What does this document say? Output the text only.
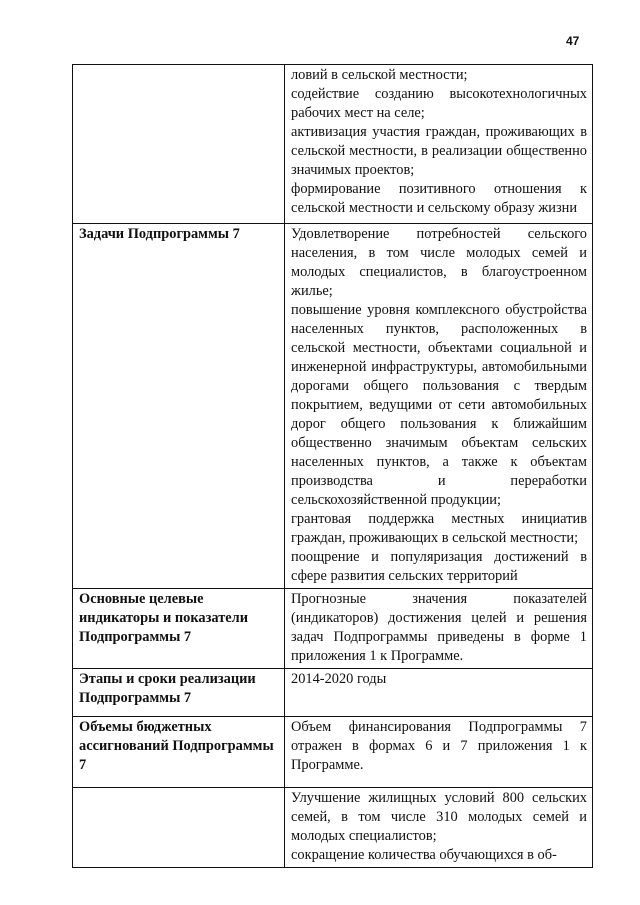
47

	ловий в сельской местности;
содействие созданию высокотехнологичных рабочих мест на селе;
активизация участия граждан, проживающих в сельской местности, в реализации общественно значимых проектов;
формирование позитивного отношения к сельской местности и сельскому образу жизни

Задачи Подпрограммы 7	Удовлетворение потребностей сельского населения, в том числе молодых семей и молодых специалистов, в благоустроенном жилье;
повышение уровня комплексного обустройства населенных пунктов, расположенных в сельской местности, объектами социальной и инженерной инфраструктуры, автомобильными дорогами общего пользования с твердым покрытием, ведущими от сети автомобильных дорог общего пользования к ближайшим общественно значимым объектам сельских населенных пунктов, а также к объектам производства и переработки сельскохозяйственной продукции;
грантовая поддержка местных инициатив граждан, проживающих в сельской местности;
поощрение и популяризация достижений в сфере развития сельских территорий

Основные целевые индикаторы и показатели Подпрограммы 7	Прогнозные значения показателей (индикаторов) достижения целей и решения задач Подпрограммы приведены в форме 1 приложения 1 к Программе.

Этапы и сроки реализации Подпрограммы 7	2014-2020 годы

Объемы бюджетных ассигнований Подпрограммы 7	Объем финансирования Подпрограммы 7 отражен в формах 6 и 7 приложения 1 к Программе.

	Улучшение жилищных условий 800 сельских семей, в том числе 310 молодых семей и молодых специалистов;
сокращение количества обучающихся в об-
